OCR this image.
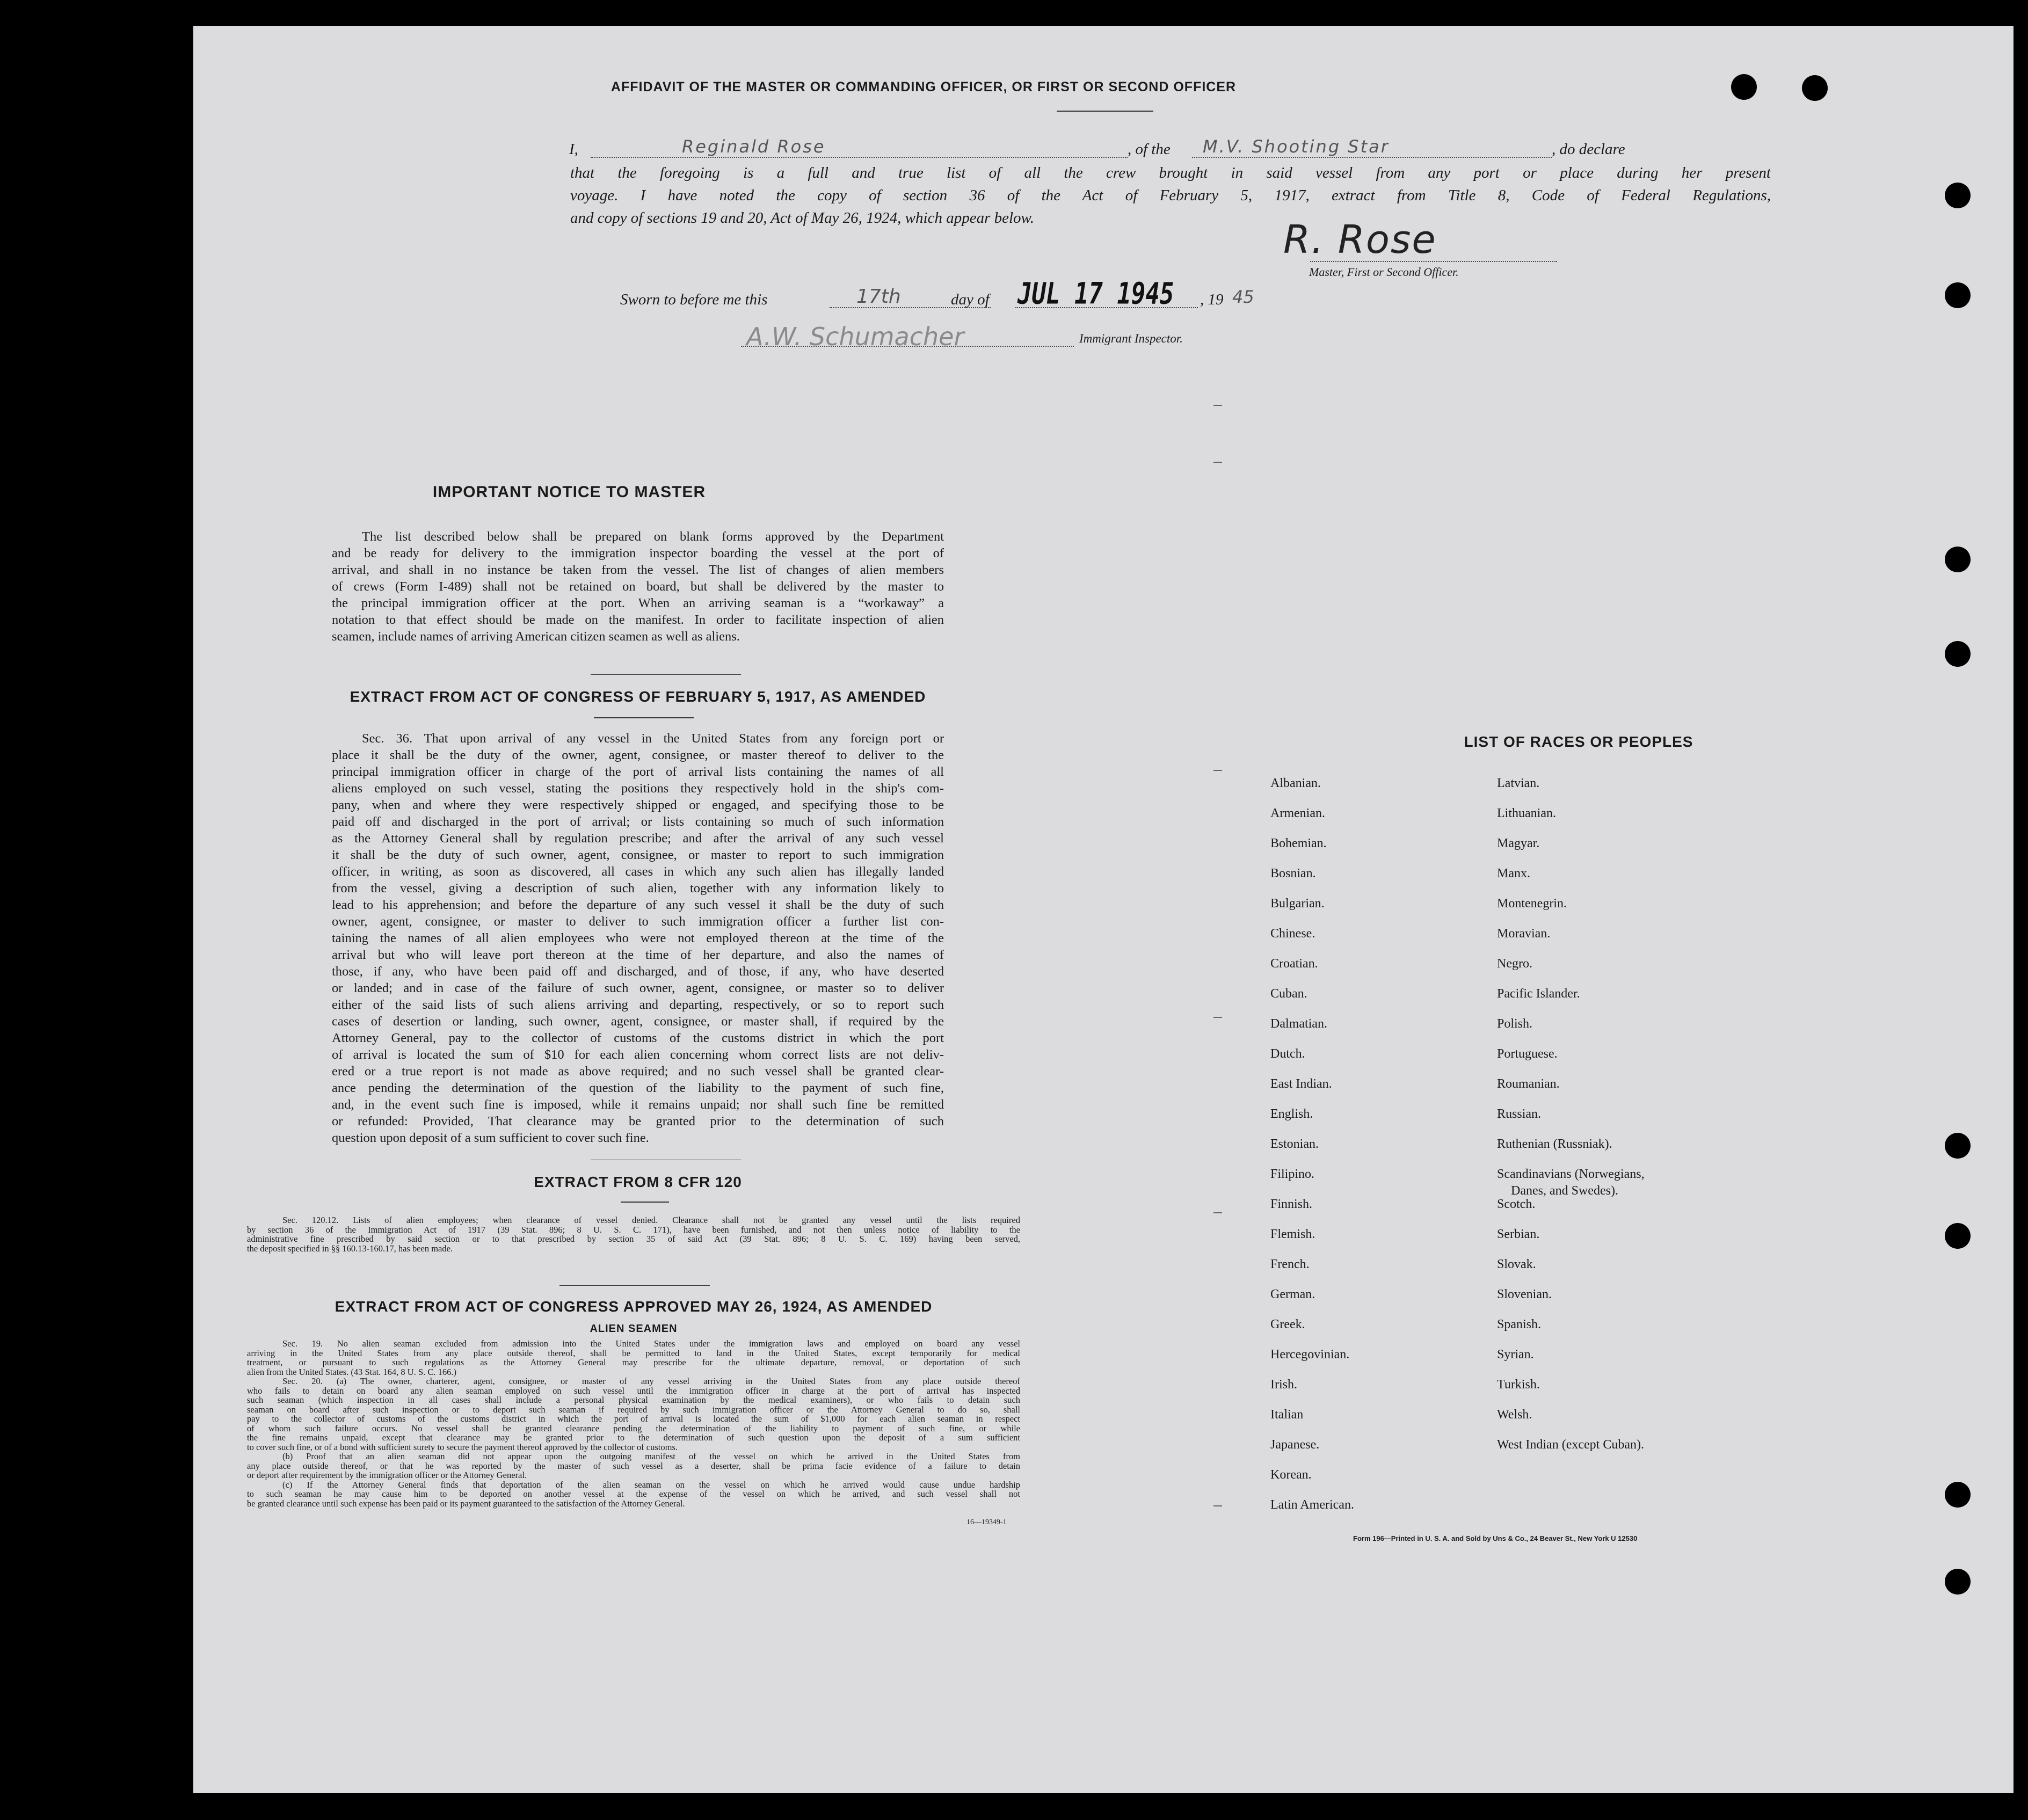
AFFIDAVIT OF THE MASTER OR COMMANDING OFFICER, OR FIRST OR SECOND OFFICER
I,	Reginald Rose	, of the M.V. Shooting Star	, do declare
that the foregoing is a full and true list of all the crew brought in said vessel from any port or place during her present
voyage. I have noted the copy of section 36 of the Act of February 5, 1917, extract from Title 8, Code of Federal Regulations,
and copy of sections 19 and 20, Act of May 26, 1924, which appear below.	R. Rose
Master, First or Second Officer.
Sworn to before me this	17th	day of JUL 17 1945 , 19 45
A.W. Schumacher	Immigrant Inspector.
IMPORTANT NOTICE TO MASTER
The list described below shall be prepared on blank forms approved by the Department
and be ready for delivery to the immigration inspector boarding the vessel at the port of
arrival, and shall in no instance be taken from the vessel. The list of changes of alien members
of crews (Form I-489) shall not be retained on board, but shall be delivered by the master to
the principal immigration officer at the port. When an arriving seaman is a “workaway” a
notation to that effect should be made on the manifest. In order to facilitate inspection of alien
seamen, include names of arriving American citizen seamen as well as aliens.
EXTRACT FROM ACT OF CONGRESS OF FEBRUARY 5, 1917, AS AMENDED
Sec. 36. That upon arrival of any vessel in the United States from any foreign port or
place it shall be the duty of the owner, agent, consignee, or master thereof to deliver to the
principal immigration officer in charge of the port of arrival lists containing the names of all
aliens employed on such vessel, stating the positions they respectively hold in the ship's com-
pany, when and where they were respectively shipped or engaged, and specifying those to be
paid off and discharged in the port of arrival; or lists containing so much of such information
as the Attorney General shall by regulation prescribe; and after the arrival of any such vessel
it shall be the duty of such owner, agent, consignee, or master to report to such immigration
officer, in writing, as soon as discovered, all cases in which any such alien has illegally landed
from the vessel, giving a description of such alien, together with any information likely to
lead to his apprehension; and before the departure of any such vessel it shall be the duty of such
owner, agent, consignee, or master to deliver to such immigration officer a further list con-
taining the names of all alien employees who were not employed thereon at the time of the
arrival but who will leave port thereon at the time of her departure, and also the names of
those, if any, who have been paid off and discharged, and of those, if any, who have deserted
or landed; and in case of the failure of such owner, agent, consignee, or master so to deliver
either of the said lists of such aliens arriving and departing, respectively, or so to report such
cases of desertion or landing, such owner, agent, consignee, or master shall, if required by the
Attorney General, pay to the collector of customs of the customs district in which the port
of arrival is located the sum of $10 for each alien concerning whom correct lists are not deliv-
ered or a true report is not made as above required; and no such vessel shall be granted clear-
ance pending the determination of the question of the liability to the payment of such fine,
and, in the event such fine is imposed, while it remains unpaid; nor shall such fine be remitted
or refunded: Provided, That clearance may be granted prior to the determination of such
question upon deposit of a sum sufficient to cover such fine.
EXTRACT FROM 8 CFR 120
Sec. 120.12. Lists of alien employees; when clearance of vessel denied. Clearance shall not be granted any vessel until the lists required
by section 36 of the Immigration Act of 1917 (39 Stat. 896; 8 U. S. C. 171), have been furnished, and not then unless notice of liability to the
administrative fine prescribed by said section or to that prescribed by section 35 of said Act (39 Stat. 896; 8 U. S. C. 169) having been served,
the deposit specified in §§ 160.13-160.17, has been made.
EXTRACT FROM ACT OF CONGRESS APPROVED MAY 26, 1924, AS AMENDED
ALIEN SEAMEN
Sec. 19. No alien seaman excluded from admission into the United States under the immigration laws and employed on board any vessel
arriving in the United States from any place outside thereof, shall be permitted to land in the United States, except temporarily for medical
treatment, or pursuant to such regulations as the Attorney General may prescribe for the ultimate departure, removal, or deportation of such
alien from the United States. (43 Stat. 164, 8 U. S. C. 166.)
Sec. 20. (a) The owner, charterer, agent, consignee, or master of any vessel arriving in the United States from any place outside thereof
who fails to detain on board any alien seaman employed on such vessel until the immigration officer in charge at the port of arrival has inspected
such seaman (which inspection in all cases shall include a personal physical examination by the medical examiners), or who fails to detain such
seaman on board after such inspection or to deport such seaman if required by such immigration officer or the Attorney General to do so, shall
pay to the collector of customs of the customs district in which the port of arrival is located the sum of $1,000 for each alien seaman in respect
of whom such failure occurs. No vessel shall be granted clearance pending the determination of the liability to payment of such fine, or while
the fine remains unpaid, except that clearance may be granted prior to the determination of such question upon the deposit of a sum sufficient
to cover such fine, or of a bond with sufficient surety to secure the payment thereof approved by the collector of customs.
(b) Proof that an alien seaman did not appear upon the outgoing manifest of the vessel on which he arrived in the United States from
any place outside thereof, or that he was reported by the master of such vessel as a deserter, shall be prima facie evidence of a failure to detain
or deport after requirement by the immigration officer or the Attorney General.
(c) If the Attorney General finds that deportation of the alien seaman on the vessel on which he arrived would cause undue hardship
to such seaman he may cause him to be deported on another vessel at the expense of the vessel on which he arrived, and such vessel shall not
be granted clearance until such expense has been paid or its payment guaranteed to the satisfaction of the Attorney General.
16—19349-1
LIST OF RACES OR PEOPLES
Form 196—Printed in U. S. A. and Sold by Uns & Co., 24 Beaver St., New York U 12530
Albanian.
Armenian.
Bohemian.
Bosnian.
Bulgarian.
Chinese.
Croatian.
Cuban.
Dalmatian.
Dutch.
East Indian.
English.
Estonian.
Filipino.
Finnish.
Flemish.
French.
German.
Greek.
Hercegovinian.
Irish.
Italian
Japanese.
Korean.
Latin American.
Latvian.
Lithuanian.
Magyar.
Manx.
Montenegrin.
Moravian.
Negro.
Pacific Islander.
Polish.
Portuguese.
Roumanian.
Russian.
Ruthenian (Russniak).
Scandinavians (Norwegians,
Danes, and Swedes).
Scotch.
Serbian.
Slovak.
Slovenian.
Spanish.
Syrian.
Turkish.
Welsh.
West Indian (except Cuban).
